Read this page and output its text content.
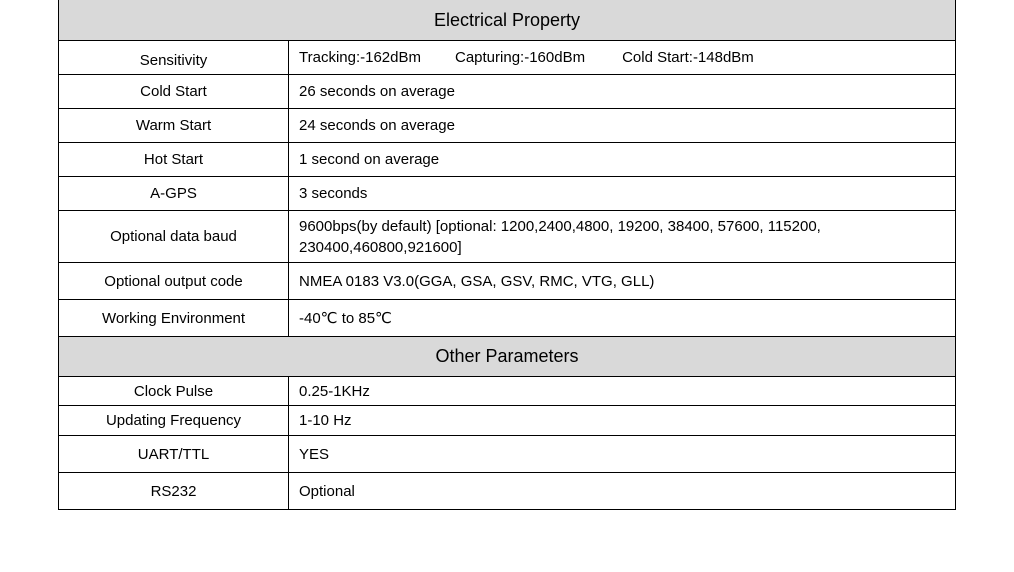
Electrical Property	
Sensitivity	Tracking:-162dBm Capturing:-160dBm Cold Start:-148dBm
Cold Start	26 seconds on average
Warm Start	24 seconds on average
Hot Start	1 second on average
A-GPS	3 seconds
Optional data baud	9600bps(by default) [optional: 1200,2400,4800, 19200, 38400, 57600, 115200, 230400,460800,921600]
Optional output code	NMEA 0183 V3.0(GGA, GSA, GSV, RMC, VTG, GLL)
Working Environment	-40℃ to 85℃
Other Parameters	
Clock Pulse	0.25-1KHz
Updating Frequency	1-10 Hz
UART/TTL	YES
RS232	Optional
